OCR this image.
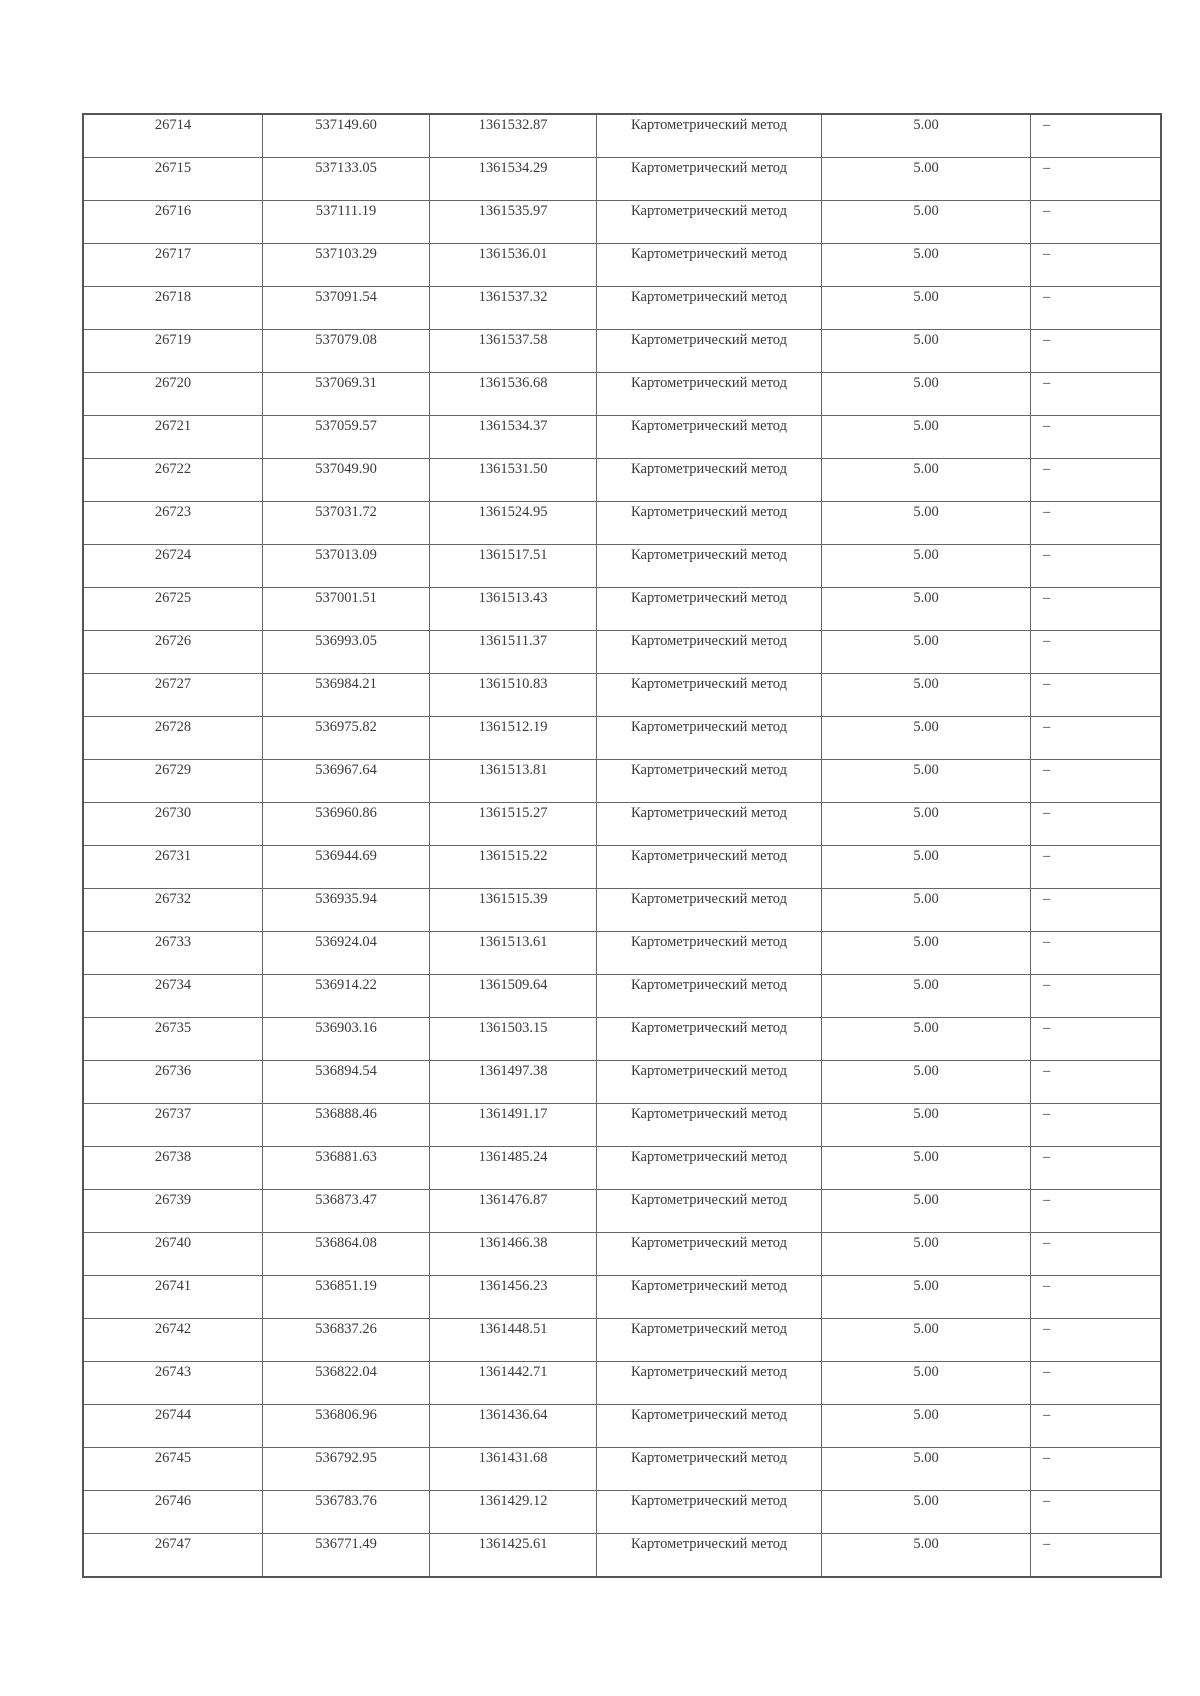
26714	537149.60	1361532.87	Картометрический метод	5.00	–
26715	537133.05	1361534.29	Картометрический метод	5.00	–
26716	537111.19	1361535.97	Картометрический метод	5.00	–
26717	537103.29	1361536.01	Картометрический метод	5.00	–
26718	537091.54	1361537.32	Картометрический метод	5.00	–
26719	537079.08	1361537.58	Картометрический метод	5.00	–
26720	537069.31	1361536.68	Картометрический метод	5.00	–
26721	537059.57	1361534.37	Картометрический метод	5.00	–
26722	537049.90	1361531.50	Картометрический метод	5.00	–
26723	537031.72	1361524.95	Картометрический метод	5.00	–
26724	537013.09	1361517.51	Картометрический метод	5.00	–
26725	537001.51	1361513.43	Картометрический метод	5.00	–
26726	536993.05	1361511.37	Картометрический метод	5.00	–
26727	536984.21	1361510.83	Картометрический метод	5.00	–
26728	536975.82	1361512.19	Картометрический метод	5.00	–
26729	536967.64	1361513.81	Картометрический метод	5.00	–
26730	536960.86	1361515.27	Картометрический метод	5.00	–
26731	536944.69	1361515.22	Картометрический метод	5.00	–
26732	536935.94	1361515.39	Картометрический метод	5.00	–
26733	536924.04	1361513.61	Картометрический метод	5.00	–
26734	536914.22	1361509.64	Картометрический метод	5.00	–
26735	536903.16	1361503.15	Картометрический метод	5.00	–
26736	536894.54	1361497.38	Картометрический метод	5.00	–
26737	536888.46	1361491.17	Картометрический метод	5.00	–
26738	536881.63	1361485.24	Картометрический метод	5.00	–
26739	536873.47	1361476.87	Картометрический метод	5.00	–
26740	536864.08	1361466.38	Картометрический метод	5.00	–
26741	536851.19	1361456.23	Картометрический метод	5.00	–
26742	536837.26	1361448.51	Картометрический метод	5.00	–
26743	536822.04	1361442.71	Картометрический метод	5.00	–
26744	536806.96	1361436.64	Картометрический метод	5.00	–
26745	536792.95	1361431.68	Картометрический метод	5.00	–
26746	536783.76	1361429.12	Картометрический метод	5.00	–
26747	536771.49	1361425.61	Картометрический метод	5.00	–
